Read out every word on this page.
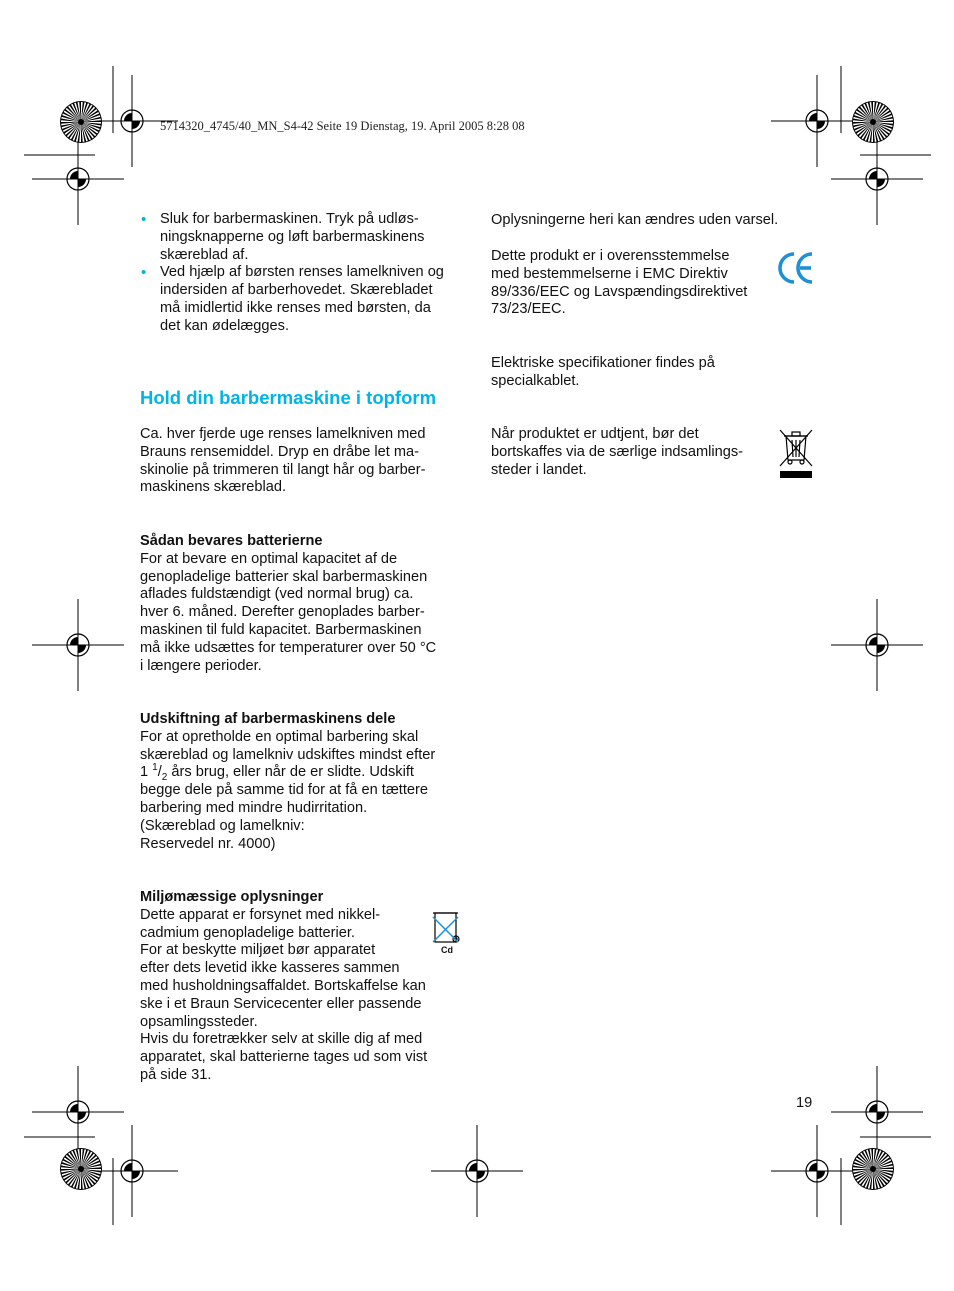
5714320_4745/40_MN_S4-42 Seite 19 Dienstag, 19. April 2005 8:28 08
• Sluk for barbermaskinen. Tryk på udløs-
ningsknapperne og løft barbermaskinens
skæreblad af.
• Ved hjælp af børsten renses lamelkniven og
indersiden af barberhovedet. Skærebladet
må imidlertid ikke renses med børsten, da
det kan ødelægges.
Hold din barbermaskine i topform

Ca. hver fjerde uge renses lamelkniven med
Brauns rensemiddel. Dryp en dråbe let ma-
skinolie på trimmeren til langt hår og barber-
maskinens skæreblad.

Sådan bevares batterierne

For at bevare en optimal kapacitet af de
genopladelige batterier skal barbermaskinen
aflades fuldstændigt (ved normal brug) ca.
hver 6. måned. Derefter genoplades barber-
maskinen til fuld kapacitet. Barbermaskinen
må ikke udsættes for temperaturer over 50 °C
i længere perioder.

Udskiftning af barbermaskinens dele

For at opretholde en optimal barbering skal
skæreblad og lamelkniv udskiftes mindst efter

1 $^1/_2$ års brug, eller når de er slidte. Udskift

begge dele på samme tid for at få en tættere
barbering med mindre hudirritation.
(Skæreblad og lamelkniv:
Reservedel nr. 4000)

Miljømæssige oplysninger

Dette apparat er forsynet med nikkel-
cadmium genopladelige batterier.
For at beskytte miljøet bør apparatet
efter dets levetid ikke kasseres sammen
med husholdningsaffaldet. Bortskaffelse kan
ske i et Braun Servicecenter eller passende
opsamlingssteder.
Hvis du foretrækker selv at skille dig af med
apparatet, skal batterierne tages ud som vist
på side 31.

Cd

Oplysningerne heri kan ændres uden varsel.

Dette produkt er i overensstemmelse
med bestemmelserne i EMC Direktiv
89/336/EEC og Lavspændingsdirektivet
73/23/EEC.

Elektriske specifikationer findes på
specialkablet.

Når produktet er udtjent, bør det
bortskaffes via de særlige indsamlings-
steder i landet.

19
